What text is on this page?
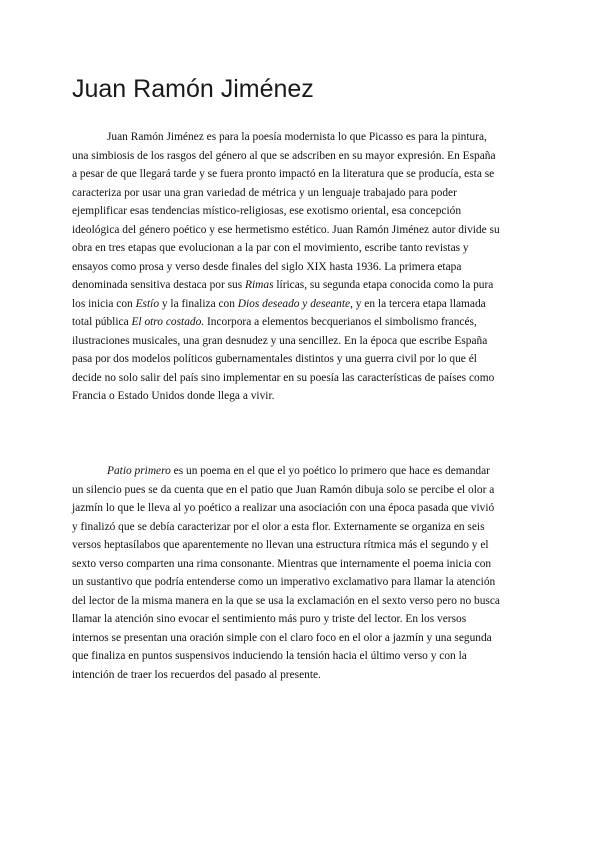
Juan Ramón Jiménez
Juan Ramón Jiménez es para la poesía modernista lo que Picasso es para la pintura,
una simbiosis de los rasgos del género al que se adscriben en su mayor expresión. En España
a pesar de que llegará tarde y se fuera pronto impactó en la literatura que se producía, esta se
caracteriza por usar una gran variedad de métrica y un lenguaje trabajado para poder
ejemplificar esas tendencias místico-religiosas, ese exotismo oriental, esa concepción
ideológica del género poético y ese hermetismo estético. Juan Ramón Jiménez autor divide su
obra en tres etapas que evolucionan a la par con el movimiento, escribe tanto revistas y
ensayos como prosa y verso desde finales del siglo XIX hasta 1936. La primera etapa
denominada sensitiva destaca por sus Rimas líricas, su segunda etapa conocida como la pura
los inicia con Estío y la finaliza con Dios deseado y deseante, y en la tercera etapa llamada
total pública El otro costado. Incorpora a elementos becquerianos el simbolismo francés,
ilustraciones musicales, una gran desnudez y una sencillez. En la época que escribe España
pasa por dos modelos políticos gubernamentales distintos y una guerra civil por lo que él
decide no solo salir del país sino implementar en su poesía las características de países como
Francia o Estado Unidos donde llega a vivir.
Patio primero es un poema en el que el yo poético lo primero que hace es demandar
un silencio pues se da cuenta que en el patio que Juan Ramón dibuja solo se percibe el olor a
jazmín lo que le lleva al yo poético a realizar una asociación con una época pasada que vivió
y finalizó que se debía caracterizar por el olor a esta flor. Externamente se organiza en seis
versos heptasílabos que aparentemente no llevan una estructura rítmica más el segundo y el
sexto verso comparten una rima consonante. Mientras que internamente el poema inicia con
un sustantivo que podría entenderse como un imperativo exclamativo para llamar la atención
del lector de la misma manera en la que se usa la exclamación en el sexto verso pero no busca
llamar la atención sino evocar el sentimiento más puro y triste del lector. En los versos
internos se presentan una oración simple con el claro foco en el olor a jazmín y una segunda
que finaliza en puntos suspensivos induciendo la tensión hacia el último verso y con la
intención de traer los recuerdos del pasado al presente.
